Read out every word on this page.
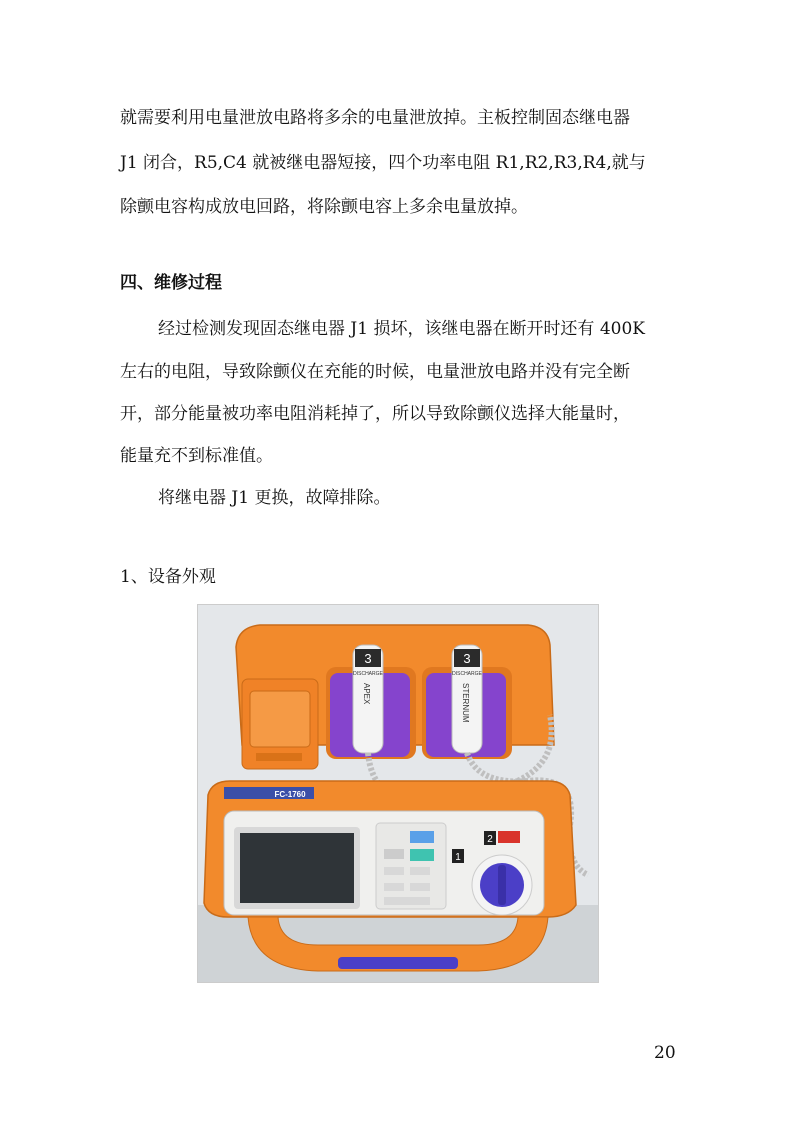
就需要利用电量泄放电路将多余的电量泄放掉。主板控制固态继电器
J1 闭合，R5,C4 就被继电器短接，四个功率电阻 R1,R2,R3,R4,就与
除颤电容构成放电回路，将除颤电容上多余电量放掉。
四、维修过程
经过检测发现固态继电器 J1 损坏，该继电器在断开时还有 400K
左右的电阻，导致除颤仪在充能的时候，电量泄放电路并没有完全断
开，部分能量被功率电阻消耗掉了，所以导致除颤仪选择大能量时，
能量充不到标准值。
将继电器 J1 更换，故障排除。
1、设备外观
3	3
DISCHARGE	DISCHARGE
APEX	STERNUM
FC-1760
1
2
20
